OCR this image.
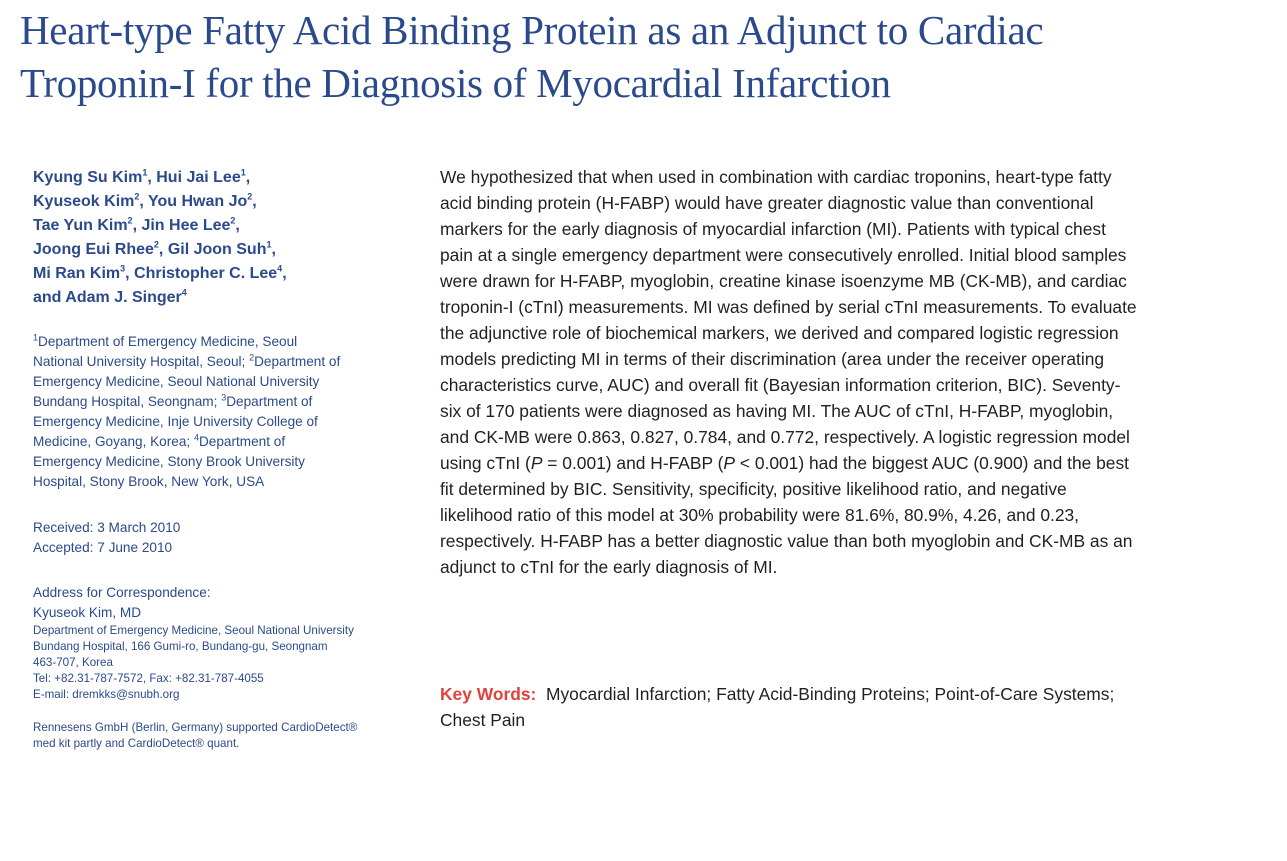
Heart-type Fatty Acid Binding Protein as an Adjunct to Cardiac
Troponin-I for the Diagnosis of Myocardial Infarction
Kyung Su Kim$^1$, Hui Jai Lee$^1$,
Kyuseok Kim$^2$, You Hwan Jo$^2$,
Tae Yun Kim$^2$, Jin Hee Lee$^2$,
Joong Eui Rhee$^2$, Gil Joon Suh$^1$,
Mi Ran Kim$^3$, Christopher C. Lee$^4$,
and Adam J. Singer$^4$
$^1$Department of Emergency Medicine, Seoul
National University Hospital, Seoul; $^2$Department of
Emergency Medicine, Seoul National University
Bundang Hospital, Seongnam; $^3$Department of
Emergency Medicine, Inje University College of
Medicine, Goyang, Korea; $^4$Department of
Emergency Medicine, Stony Brook University
Hospital, Stony Brook, New York, USA
Received: 3 March 2010
Accepted: 7 June 2010
Address for Correspondence:
Kyuseok Kim, MD
Department of Emergency Medicine, Seoul National University
Bundang Hospital, 166 Gumi-ro, Bundang-gu, Seongnam
463-707, Korea
Tel: +82.31-787-7572, Fax: +82.31-787-4055
E-mail: dremkks@snubh.org
Rennesens GmbH (Berlin, Germany) supported CardioDetect®
med kit partly and CardioDetect® quant.
We hypothesized that when used in combination with cardiac troponins, heart-type fatty
acid binding protein (H-FABP) would have greater diagnostic value than conventional
markers for the early diagnosis of myocardial infarction (MI). Patients with typical chest
pain at a single emergency department were consecutively enrolled. Initial blood samples
were drawn for H-FABP, myoglobin, creatine kinase isoenzyme MB (CK-MB), and cardiac
troponin-I (cTnI) measurements. MI was defined by serial cTnI measurements. To evaluate
the adjunctive role of biochemical markers, we derived and compared logistic regression
models predicting MI in terms of their discrimination (area under the receiver operating
characteristics curve, AUC) and overall fit (Bayesian information criterion, BIC). Seventy-
six of 170 patients were diagnosed as having MI. The AUC of cTnI, H-FABP, myoglobin,
and CK-MB were 0.863, 0.827, 0.784, and 0.772, respectively. A logistic regression model
using cTnI (P = 0.001) and H-FABP (P < 0.001) had the biggest AUC (0.900) and the best
fit determined by BIC. Sensitivity, specificity, positive likelihood ratio, and negative
likelihood ratio of this model at 30% probability were 81.6%, 80.9%, 4.26, and 0.23,
respectively. H-FABP has a better diagnostic value than both myoglobin and CK-MB as an
adjunct to cTnI for the early diagnosis of MI.
Key Words: Myocardial Infarction; Fatty Acid-Binding Proteins; Point-of-Care Systems;
Chest Pain
